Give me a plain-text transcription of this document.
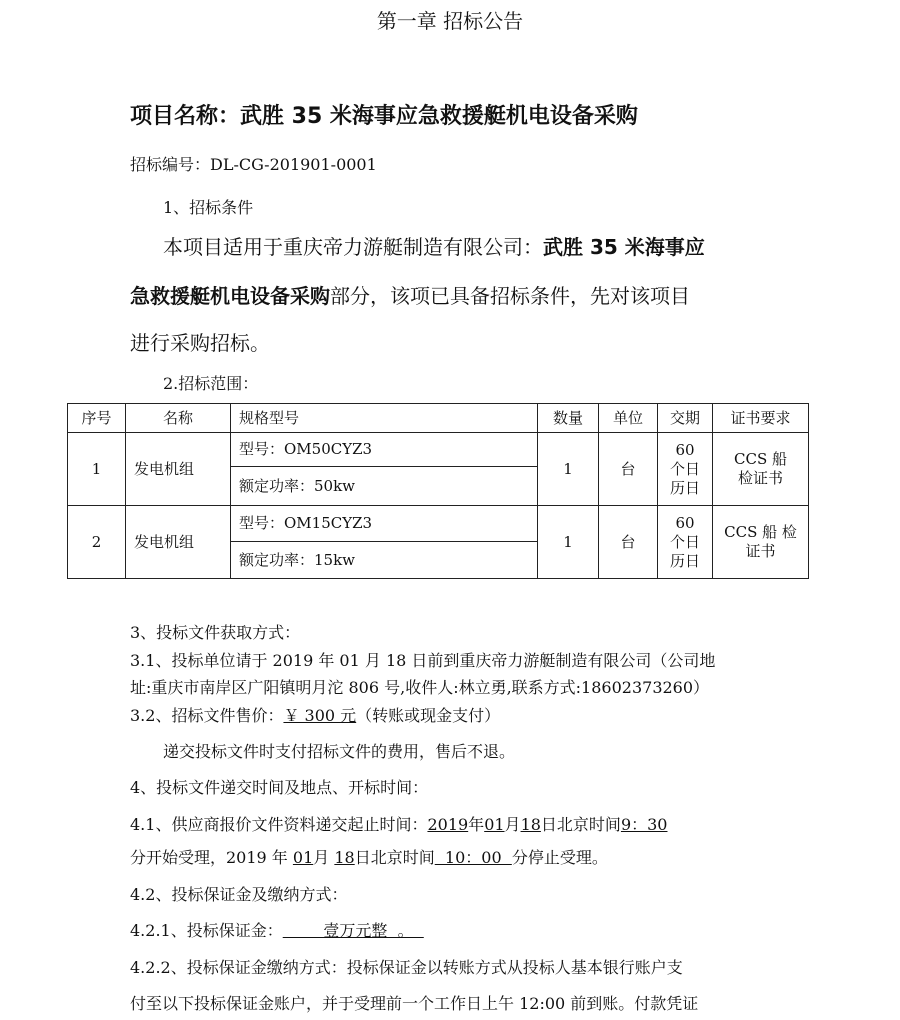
第一章 招标公告
项目名称：武胜 35 米海事应急救援艇机电设备采购
招标编号：DL-CG-201901-0001
1、招标条件
本项目适用于重庆帝力游艇制造有限公司：武胜 35 米海事应
急救援艇机电设备采购部分，该项已具备招标条件，先对该项目
进行采购招标。
2.招标范围：
序号	名称	规格型号	数量	单位	交期	证书要求
1	发电机组	型号：OM50CYZ3	1	台	60 个日历日	CCS 船检证书
		额定功率：50kw				
2	发电机组	型号：OM15CYZ3	1	台	60 个日历日	CCS 船 检 证书
		额定功率：15kw				
3、投标文件获取方式：
3.1、投标单位请于 2019 年 01 月 18 日前到重庆帝力游艇制造有限公司（公司地
址:重庆市南岸区广阳镇明月沱 806 号,收件人:林立勇,联系方式:18602373260）
3.2、招标文件售价：￥ 300 元（转账或现金支付）
递交投标文件时支付招标文件的费用，售后不退。
4、投标文件递交时间及地点、开标时间：
4.1、供应商报价文件资料递交起止时间：2019年01月18日北京时间9：30
分开始受理，2019 年 01月 18日北京时间  10：00  分停止受理。
4.2、投标保证金及缴纳方式：
4.2.1、投标保证金：        壹万元整  。
4.2.2、投标保证金缴纳方式：投标保证金以转账方式从投标人基本银行账户支
付至以下投标保证金账户，并于受理前一个工作日上午 12:00 前到账。付款凭证
